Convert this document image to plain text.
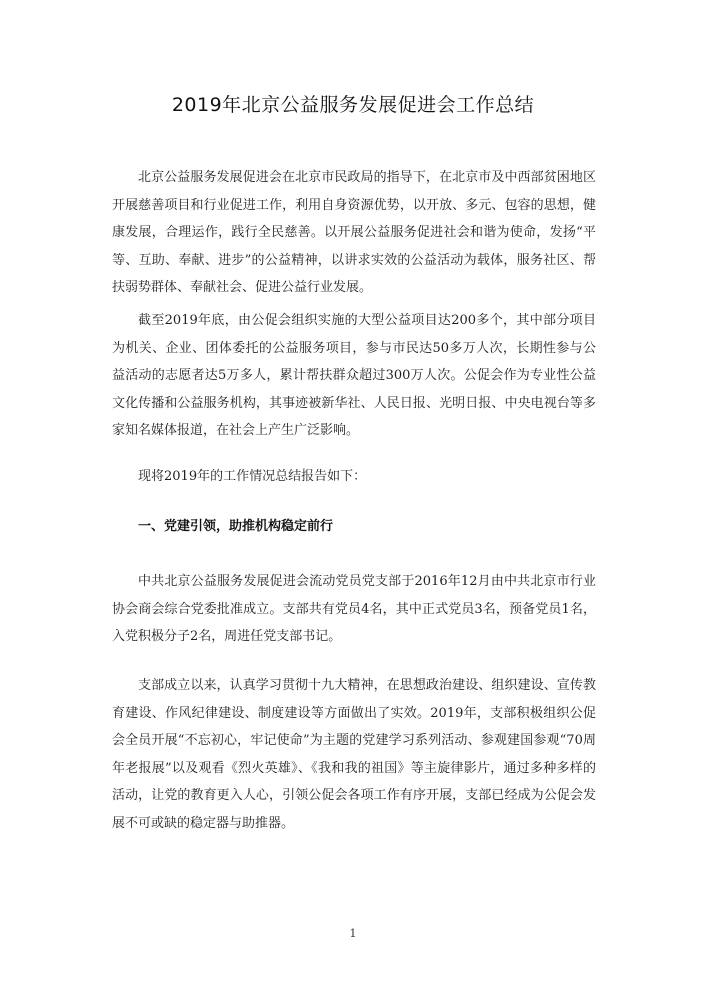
2019年北京公益服务发展促进会工作总结

北京公益服务发展促进会在北京市民政局的指导下，在北京市及中西部贫困地区开展慈善项目和行业促进工作，利用自身资源优势，以开放、多元、包容的思想，健康发展，合理运作，践行全民慈善。以开展公益服务促进社会和谐为使命，发扬“平等、互助、奉献、进步”的公益精神，以讲求实效的公益活动为载体，服务社区、帮扶弱势群体、奉献社会、促进公益行业发展。

截至2019年底，由公促会组织实施的大型公益项目达200多个，其中部分项目为机关、企业、团体委托的公益服务项目，参与市民达50多万人次，长期性参与公益活动的志愿者达5万多人，累计帮扶群众超过300万人次。公促会作为专业性公益文化传播和公益服务机构，其事迹被新华社、人民日报、光明日报、中央电视台等多家知名媒体报道，在社会上产生广泛影响。

现将2019年的工作情况总结报告如下：

一、党建引领，助推机构稳定前行

中共北京公益服务发展促进会流动党员党支部于2016年12月由中共北京市行业协会商会综合党委批准成立。支部共有党员4名，其中正式党员3名，预备党员1名，入党积极分子2名，周进任党支部书记。

支部成立以来，认真学习贯彻十九大精神，在思想政治建设、组织建设、宣传教育建设、作风纪律建设、制度建设等方面做出了实效。2019年，支部积极组织公促会全员开展“不忘初心，牢记使命”为主题的党建学习系列活动、参观建国参观“70周年老报展”以及观看《烈火英雄》、《我和我的祖国》等主旋律影片，通过多种多样的活动，让党的教育更入人心，引领公促会各项工作有序开展，支部已经成为公促会发展不可或缺的稳定器与助推器。

1
